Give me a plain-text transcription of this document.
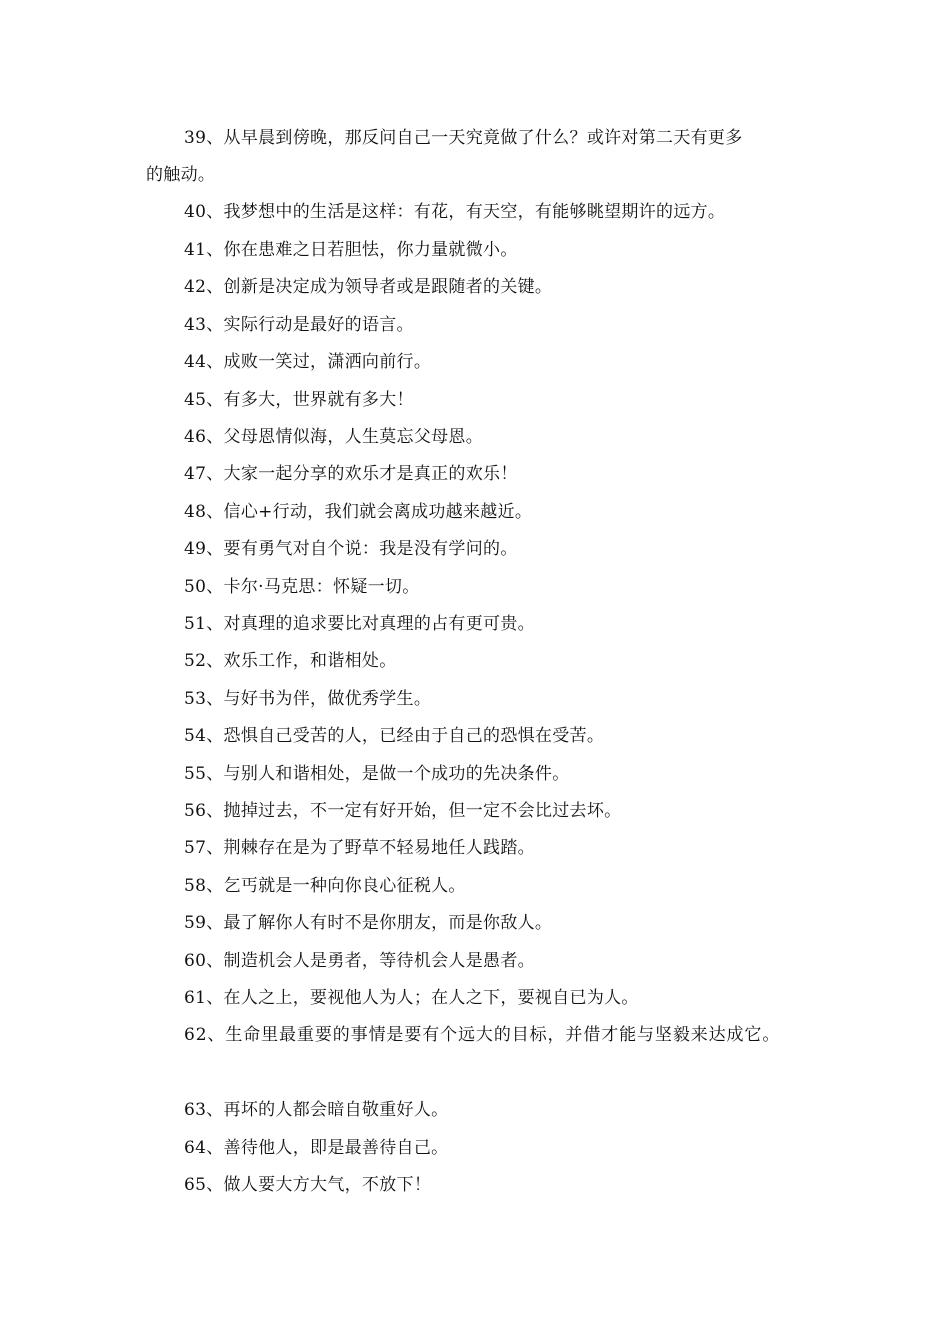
39、从早晨到傍晚，那反问自己一天究竟做了什么？或许对第二天有更多
的触动。
40、我梦想中的生活是这样：有花，有天空，有能够眺望期许的远方。
41、你在患难之日若胆怯，你力量就微小。
42、创新是决定成为领导者或是跟随者的关键。
43、实际行动是最好的语言。
44、成败一笑过，潇洒向前行。
45、有多大，世界就有多大！
46、父母恩情似海，人生莫忘父母恩。
47、大家一起分享的欢乐才是真正的欢乐！
48、信心+行动，我们就会离成功越来越近。
49、要有勇气对自个说：我是没有学问的。
50、卡尔·马克思：怀疑一切。
51、对真理的追求要比对真理的占有更可贵。
52、欢乐工作，和谐相处。
53、与好书为伴，做优秀学生。
54、恐惧自己受苦的人，已经由于自己的恐惧在受苦。
55、与别人和谐相处，是做一个成功的先决条件。
56、抛掉过去，不一定有好开始，但一定不会比过去坏。
57、荆棘存在是为了野草不轻易地任人践踏。
58、乞丐就是一种向你良心征税人。
59、最了解你人有时不是你朋友，而是你敌人。
60、制造机会人是勇者，等待机会人是愚者。
61、在人之上，要视他人为人；在人之下，要视自已为人。
62、生命里最重要的事情是要有个远大的目标，并借才能与坚毅来达成它。
63、再坏的人都会暗自敬重好人。
64、善待他人，即是最善待自己。
65、做人要大方大气，不放下！
